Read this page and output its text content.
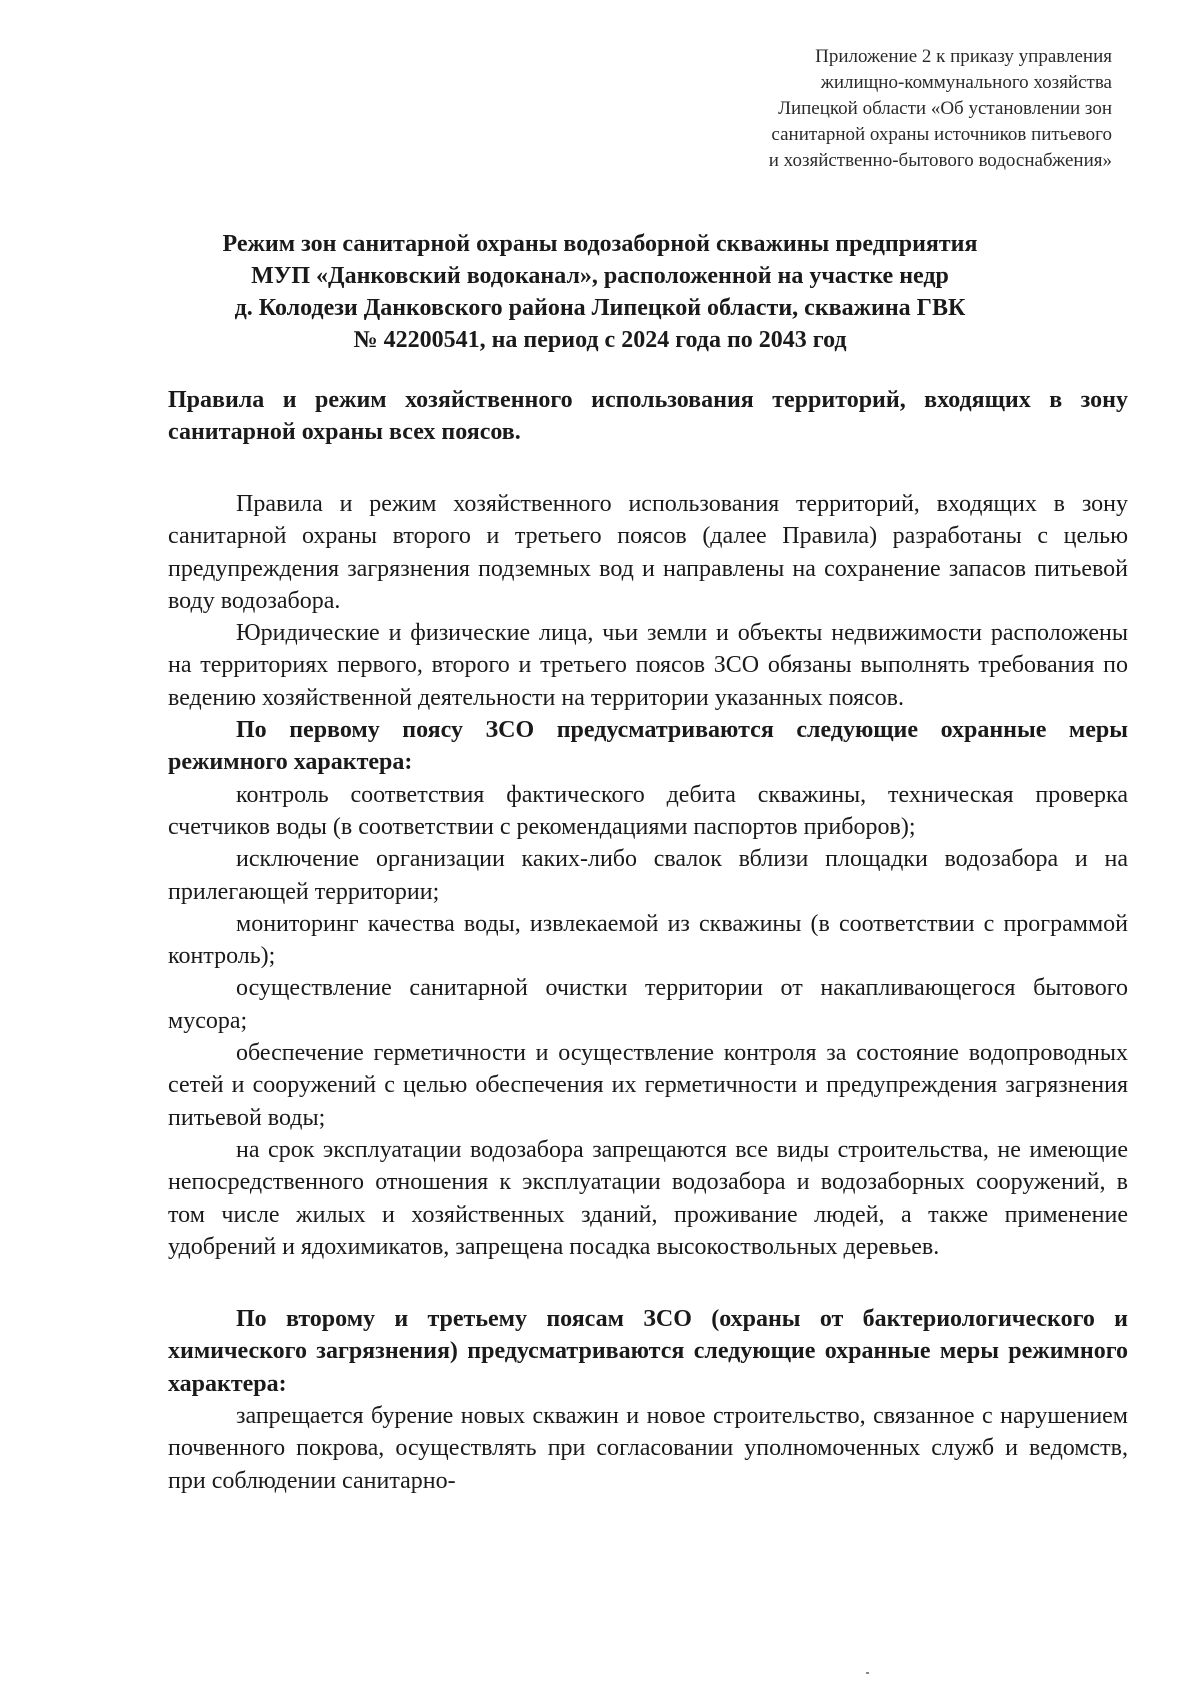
Приложение 2 к приказу управления
жилищно-коммунального хозяйства
Липецкой области «Об установлении зон
санитарной охраны источников питьевого
и хозяйственно-бытового водоснабжения»
Режим зон санитарной охраны водозаборной скважины предприятия
МУП «Данковский водоканал», расположенной на участке недр
д. Колодези Данковского района Липецкой области, скважина ГВК
№ 42200541, на период с 2024 года по 2043 год
Правила и режим хозяйственного использования территорий, входящих в зону санитарной охраны всех поясов.

Правила и режим хозяйственного использования территорий, входящих в зону санитарной охраны второго и третьего поясов (далее Правила) разработаны с целью предупреждения загрязнения подземных вод и направлены на сохранение запасов питьевой воду водозабора.

Юридические и физические лица, чьи земли и объекты недвижимости расположены на территориях первого, второго и третьего поясов ЗСО обязаны выполнять требования по ведению хозяйственной деятельности на территории указанных поясов.

По первому поясу ЗСО предусматриваются следующие охранные меры режимного характера:

контроль соответствия фактического дебита скважины, техническая проверка счетчиков воды (в соответствии с рекомендациями паспортов приборов);

исключение организации каких-либо свалок вблизи площадки водозабора и на прилегающей территории;

мониторинг качества воды, извлекаемой из скважины (в соответствии с программой контроль);

осуществление санитарной очистки территории от накапливающегося бытового мусора;

обеспечение герметичности и осуществление контроля за состояние водопроводных сетей и сооружений с целью обеспечения их герметичности и предупреждения загрязнения питьевой воды;

на срок эксплуатации водозабора запрещаются все виды строительства, не имеющие непосредственного отношения к эксплуатации водозабора и водозаборных сооружений, в том числе жилых и хозяйственных зданий, проживание людей, а также применение удобрений и ядохимикатов, запрещена посадка высокоствольных деревьев.

По второму и третьему поясам ЗСО (охраны от бактериологического и химического загрязнения) предусматриваются следующие охранные меры режимного характера:

запрещается бурение новых скважин и новое строительство, связанное с нарушением почвенного покрова, осуществлять при согласовании уполномоченных служб и ведомств, при соблюдении санитарно-
